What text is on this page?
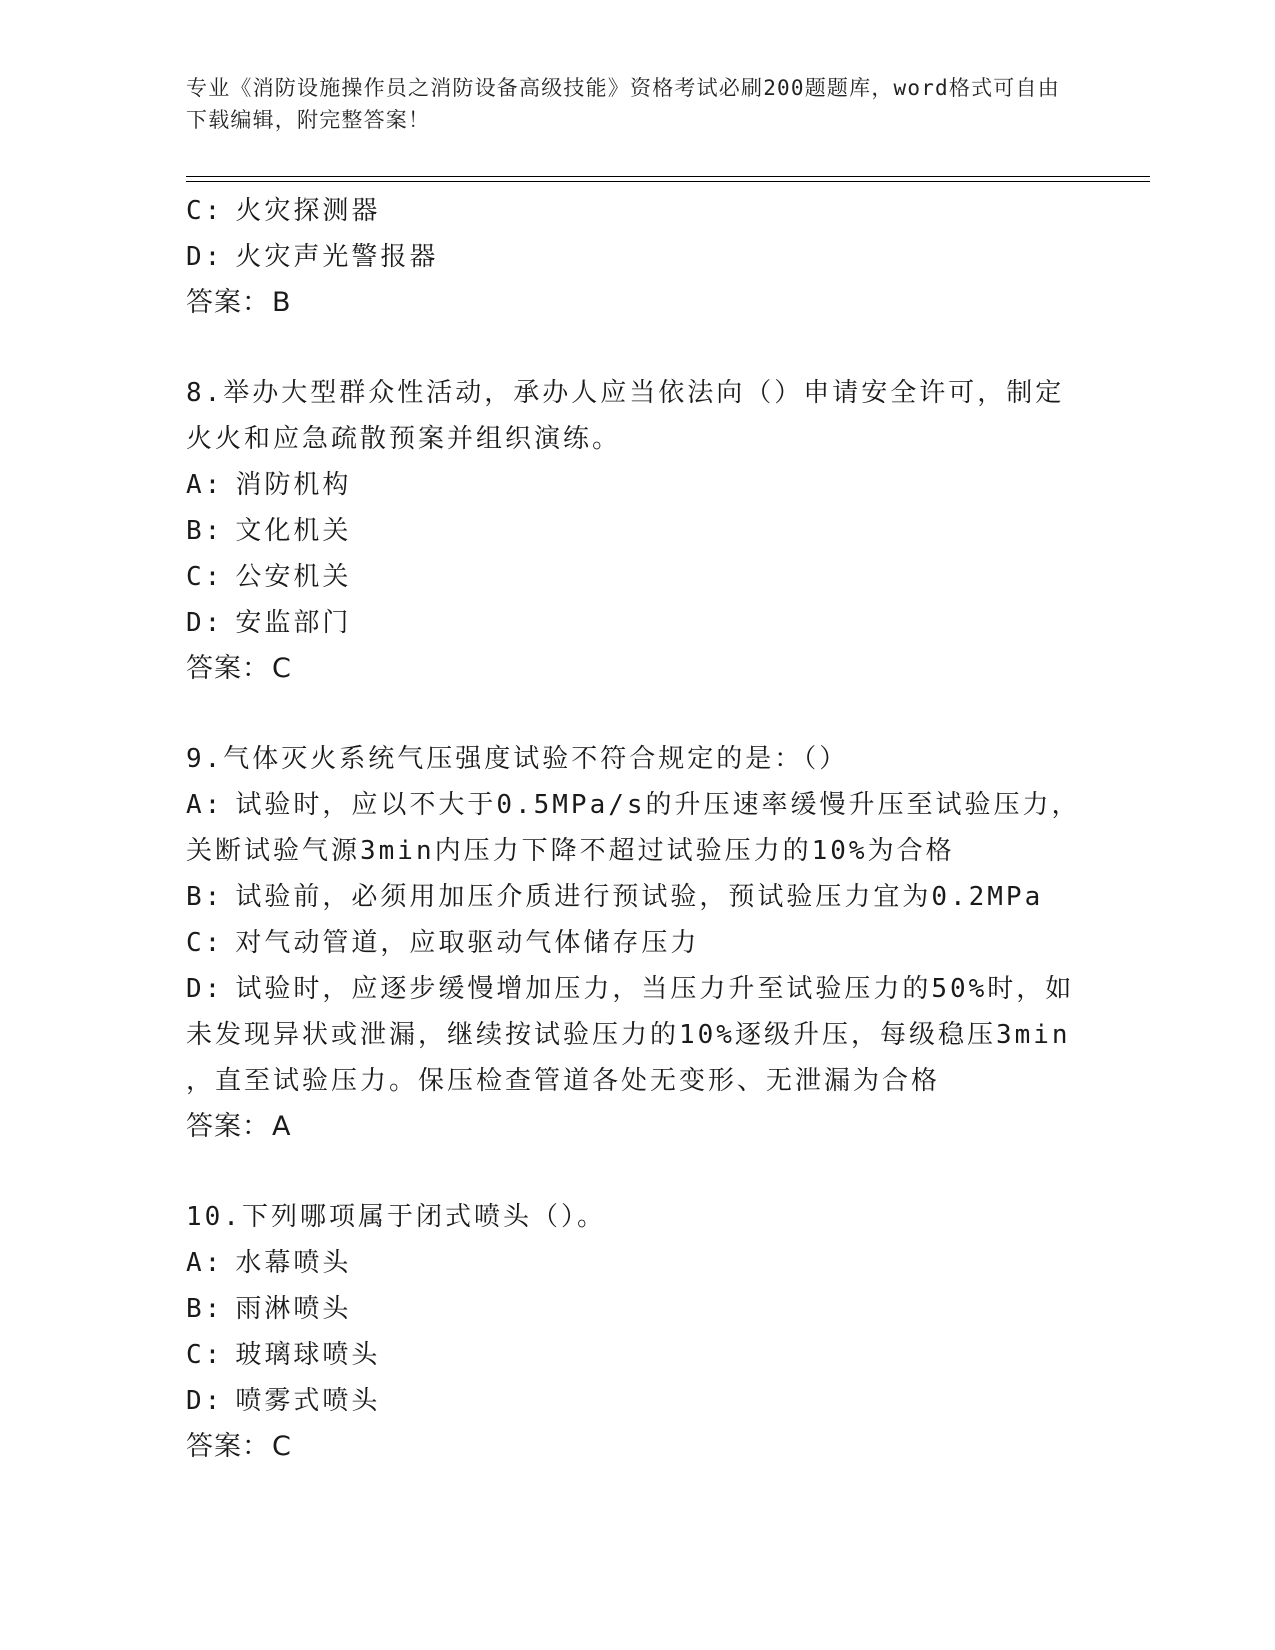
专业《消防设施操作员之消防设备高级技能》资格考试必刷200题题库，word格式可自由下载编辑，附完整答案！
C: 火灾探测器
D: 火灾声光警报器
答案：B
8.举办大型群众性活动，承办人应当依法向（）申请安全许可，制定
火火和应急疏散预案并组织演练。
A: 消防机构
B: 文化机关
C: 公安机关
D: 安监部门
答案：C
9.气体灭火系统气压强度试验不符合规定的是：（）
A: 试验时，应以不大于0.5MPa/s的升压速率缓慢升压至试验压力，
关断试验气源3min内压力下降不超过试验压力的10%为合格
B: 试验前，必须用加压介质进行预试验，预试验压力宜为0.2MPa
C: 对气动管道，应取驱动气体储存压力
D: 试验时，应逐步缓慢增加压力，当压力升至试验压力的50%时，如
未发现异状或泄漏，继续按试验压力的10%逐级升压，每级稳压3min
，直至试验压力。保压检查管道各处无变形、无泄漏为合格
答案：A
10.下列哪项属于闭式喷头（）。
A: 水幕喷头
B: 雨淋喷头
C: 玻璃球喷头
D: 喷雾式喷头
答案：C
